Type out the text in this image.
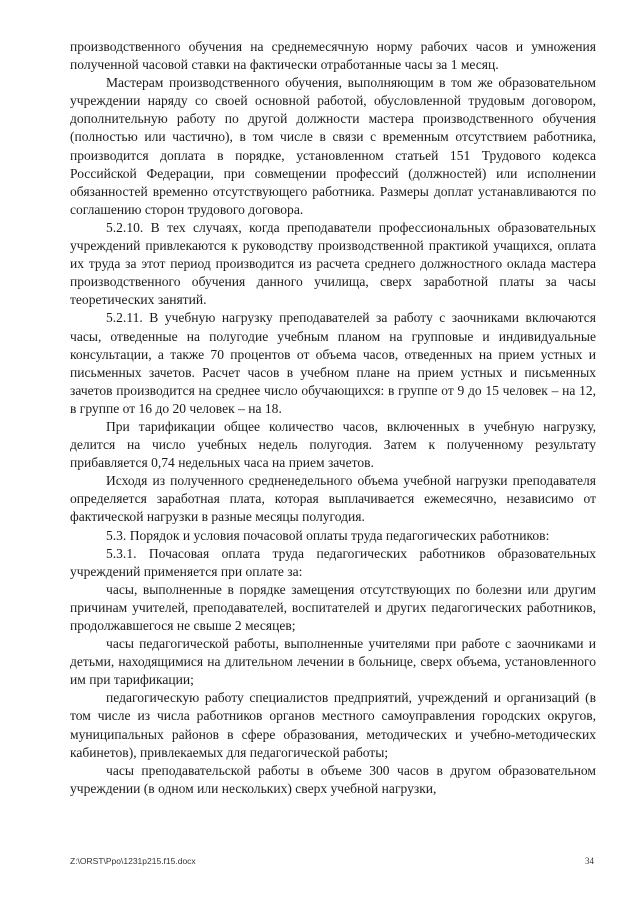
производственного обучения на среднемесячную норму рабочих часов и умножения полученной часовой ставки на фактически отработанные часы за 1 месяц.

Мастерам производственного обучения, выполняющим в том же образовательном учреждении наряду со своей основной работой, обусловленной трудовым договором, дополнительную работу по другой должности мастера производственного обучения (полностью или частично), в том числе в связи с временным отсутствием работника, производится доплата в порядке, установленном статьей 151 Трудового кодекса Российской Федерации, при совмещении профессий (должностей) или исполнении обязанностей временно отсутствующего работника. Размеры доплат устанавливаются по соглашению сторон трудового договора.

5.2.10. В тех случаях, когда преподаватели профессиональных образовательных учреждений привлекаются к руководству производственной практикой учащихся, оплата их труда за этот период производится из расчета среднего должностного оклада мастера производственного обучения данного училища, сверх заработной платы за часы теоретических занятий.

5.2.11. В учебную нагрузку преподавателей за работу с заочниками включаются часы, отведенные на полугодие учебным планом на групповые и индивидуальные консультации, а также 70 процентов от объема часов, отведенных на прием устных и письменных зачетов. Расчет часов в учебном плане на прием устных и письменных зачетов производится на среднее число обучающихся: в группе от 9 до 15 человек – на 12, в группе от 16 до 20 человек – на 18.

При тарификации общее количество часов, включенных в учебную нагрузку, делится на число учебных недель полугодия. Затем к полученному результату прибавляется 0,74 недельных часа на прием зачетов.

Исходя из полученного средненедельного объема учебной нагрузки преподавателя определяется заработная плата, которая выплачивается ежемесячно, независимо от фактической нагрузки в разные месяцы полугодия.

5.3. Порядок и условия почасовой оплаты труда педагогических работников:

5.3.1. Почасовая оплата труда педагогических работников образовательных учреждений применяется при оплате за:

часы, выполненные в порядке замещения отсутствующих по болезни или другим причинам учителей, преподавателей, воспитателей и других педагогических работников, продолжавшегося не свыше 2 месяцев;

часы педагогической работы, выполненные учителями при работе с заочниками и детьми, находящимися на длительном лечении в больнице, сверх объема, установленного им при тарификации;

педагогическую работу специалистов предприятий, учреждений и организаций (в том числе из числа работников органов местного самоуправления городских округов, муниципальных районов в сфере образования, методических и учебно-методических кабинетов), привлекаемых для педагогической работы;

часы преподавательской работы в объеме 300 часов в другом образовательном учреждении (в одном или нескольких) сверх учебной нагрузки,

Z:\ORST\Ppo\1231p215.f15.docx	34
